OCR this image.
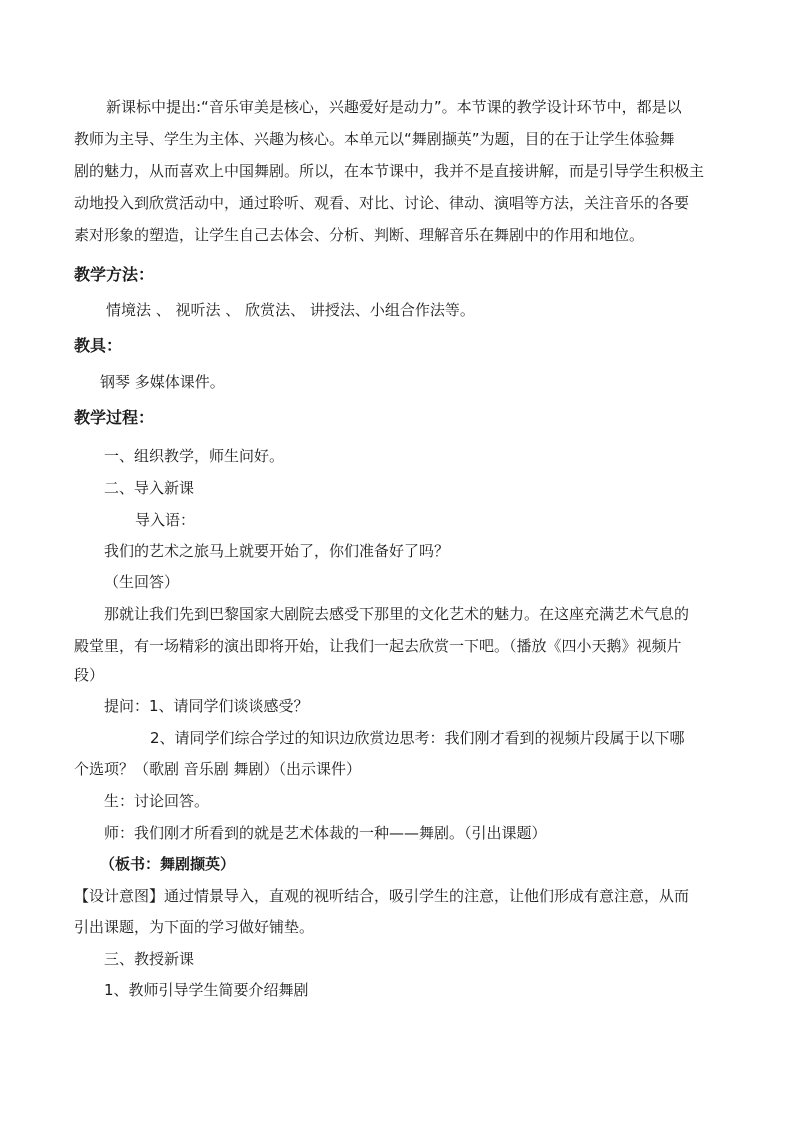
新课标中提出:“音乐审美是核心，兴趣爱好是动力”。本节课的教学设计环节中，都是以
教师为主导、学生为主体、兴趣为核心。本单元以“舞剧撷英”为题，目的在于让学生体验舞
剧的魅力，从而喜欢上中国舞剧。所以，在本节课中，我并不是直接讲解，而是引导学生积极主
动地投入到欣赏活动中，通过聆听、观看、对比、讨论、律动、演唱等方法，关注音乐的各要
素对形象的塑造，让学生自己去体会、分析、判断、理解音乐在舞剧中的作用和地位。
教学方法：
情境法 、 视听法 、 欣赏法、 讲授法、小组合作法等。
教具：
钢琴 多媒体课件。
教学过程：
一、组织教学，师生问好。
二、导入新课
导入语：
我们的艺术之旅马上就要开始了，你们准备好了吗？
（生回答）
那就让我们先到巴黎国家大剧院去感受下那里的文化艺术的魅力。在这座充满艺术气息的
殿堂里，有一场精彩的演出即将开始，让我们一起去欣赏一下吧。（播放《四小天鹅》视频片
段）
提问：1、请同学们谈谈感受？
2、请同学们综合学过的知识边欣赏边思考：我们刚才看到的视频片段属于以下哪
个选项？（歌剧 音乐剧 舞剧）（出示课件）
生：讨论回答。
师：我们刚才所看到的就是艺术体裁的一种——舞剧。（引出课题）
（板书：舞剧撷英）
【设计意图】通过情景导入，直观的视听结合，吸引学生的注意，让他们形成有意注意，从而
引出课题，为下面的学习做好铺垫。
三、教授新课
1、教师引导学生简要介绍舞剧
